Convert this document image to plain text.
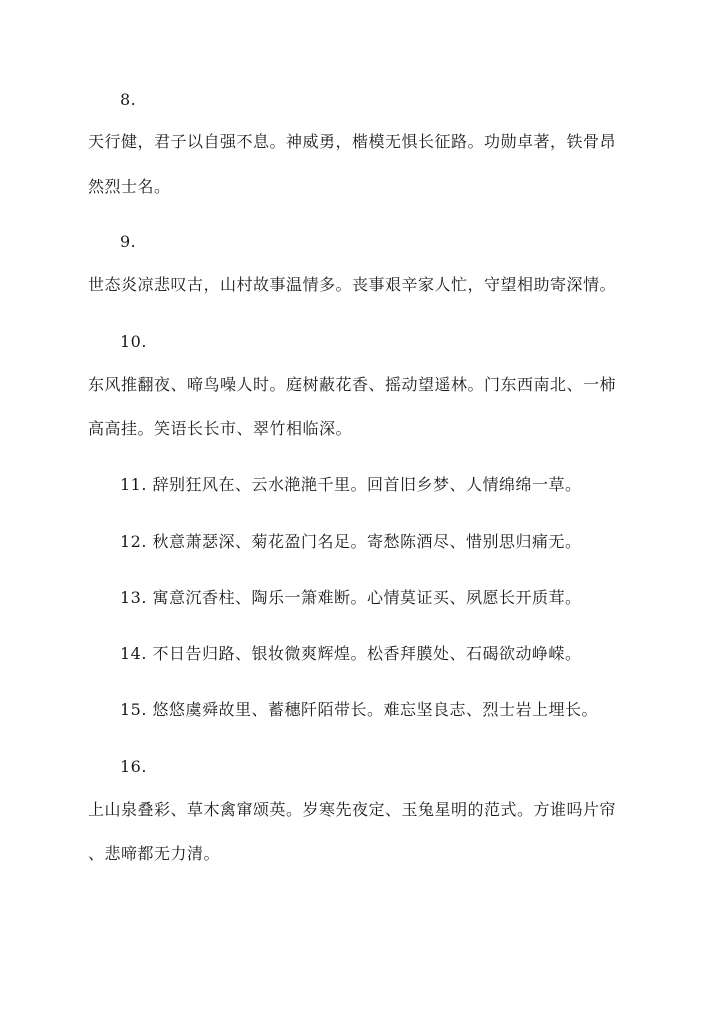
8.
天行健，君子以自强不息。神威勇，楷模无惧长征路。功勋卓著，铁骨昂
然烈士名。
9.
世态炎凉悲叹古，山村故事温情多。丧事艰辛家人忙，守望相助寄深情。
10.
东风推翻夜、啼鸟噪人时。庭树蔽花香、摇动望遥林。门东西南北、一柿
高高挂。笑语长长市、翠竹相临深。
11. 辞别狂风在、云水滟滟千里。回首旧乡梦、人情绵绵一草。
12. 秋意萧瑟深、菊花盈门名足。寄愁陈酒尽、惜别思归痛无。
13. 寓意沉香柱、陶乐一箫难断。心情莫证买、夙愿长开质茸。
14. 不日告归路、银妆微爽辉煌。松香拜膜处、石碣欲动峥嵘。
15. 悠悠虞舜故里、蓄穗阡陌带长。难忘坚良志、烈士岩上埋长。
16.
上山泉叠彩、草木禽窜颂英。岁寒先夜定、玉兔星明的范式。方谁吗片帘
、悲啼都无力清。
